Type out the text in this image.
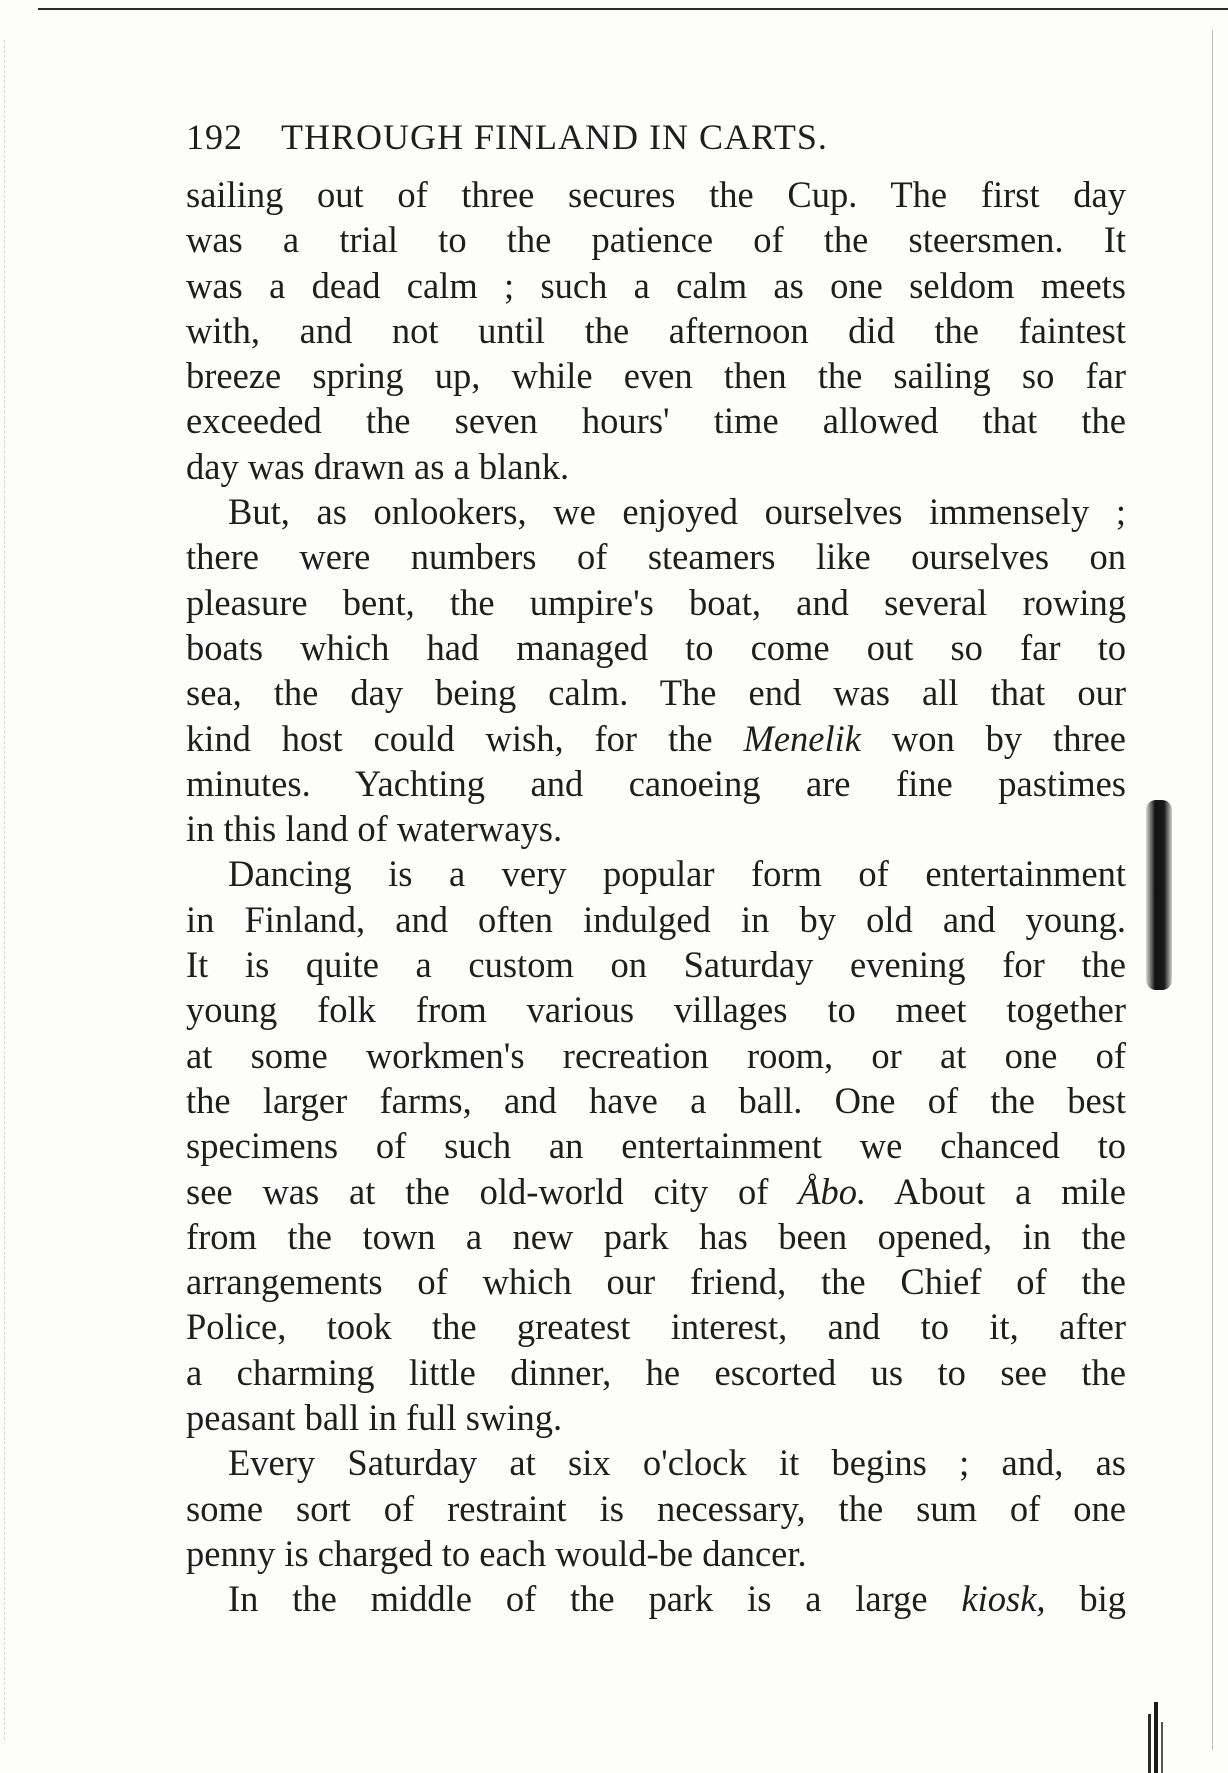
192 THROUGH FINLAND IN CARTS.
sailing out of three secures the Cup. The first day
was a trial to the patience of the steersmen. It
was a dead calm ; such a calm as one seldom meets
with, and not until the afternoon did the faintest
breeze spring up, while even then the sailing so far
exceeded the seven hours' time allowed that the
day was drawn as a blank.
But, as onlookers, we enjoyed ourselves immensely ;
there were numbers of steamers like ourselves on
pleasure bent, the umpire's boat, and several rowing
boats which had managed to come out so far to
sea, the day being calm. The end was all that our
kind host could wish, for the Menelik won by three
minutes. Yachting and canoeing are fine pastimes
in this land of waterways.
Dancing is a very popular form of entertainment
in Finland, and often indulged in by old and young.
It is quite a custom on Saturday evening for the
young folk from various villages to meet together
at some workmen's recreation room, or at one of
the larger farms, and have a ball. One of the best
specimens of such an entertainment we chanced to
see was at the old-world city of Åbo. About a mile
from the town a new park has been opened, in the
arrangements of which our friend, the Chief of the
Police, took the greatest interest, and to it, after
a charming little dinner, he escorted us to see the
peasant ball in full swing.
Every Saturday at six o'clock it begins ; and, as
some sort of restraint is necessary, the sum of one
penny is charged to each would-be dancer.
In the middle of the park is a large kiosk, big
